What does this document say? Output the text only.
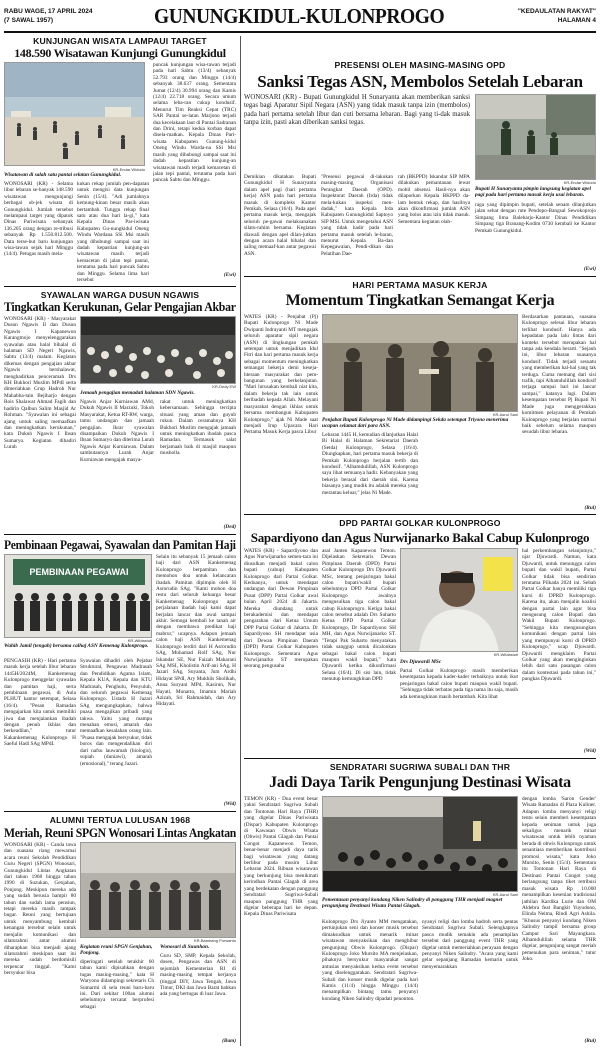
RABU WAGE, 17 APRIL 2024
(7 SAWAL 1957)	GUNUNGKIDUL-KULONPROGO	"KEDAULATAN RAKYAT"
HALAMAN 4
KUNJUNGAN WISATA LAMPAUI TARGET
148.590 Wisatawan Kunjungi Gunungkidul
KR-Endar Widodo
Wisatawan di salah satu pantai selatan Gunungkidul.
WONOSARI (KR) - Selama libur lebaran se-banyak 148.590 wisatawan mengunjungi berbagai ob-jek wisata di Gunungkidul. Jumlah tersebut melampaui target yang dipatok Dinas Pariwisata sebanyak 136.205 orang dengan re-tribusi sebanyak Rp 1.550.812.500. Data terse-but baru kunjungan wisa-tawan sejak hari Minggu (14/4). Petugas masih mela-
kukan rekap jumlah pen-dapatan untuk mengisi data kunjungan Senin (15/4). "Adi jumlahnya kemung-kinan besar masih akan bertambah. Tunggu rekap final satu atau dua hari la-gi," kata Kepala Dinas Par-iwisata Kabupaten Gu-nungkidul Oneng Windu Wardana SSi Msi masih yang dihubungi sampai saat ini dadah kepastian kunjung-an wisatawan masih terjadi kemacetan di jalan tepi pantai, terutama pada hari puncak Sabtu dan Minggu. Selama lima hari tersebut
puncak kunjungan wisa-tawan terjadi pada hari Sabtu (13/4) sebanyak 52.793 orang dan Minggu (14/4) sebanyak 38.637 orang. Sementara Jumat (12/4) 30.994 orang dan Kamis (12/4) 22.718 orang. Secara umum selama leba-ran cukup kondusif. Menurut Tim Reaksi Cepat (TRC) SAR Pantai se-latan Marjono terjadi dua kecelakaan laut di Pantai Sadranan dan Drini, tetapi kedua korban dapat disela-matkan. Kepala Dinas Pari-wisata Kabupaten Gunung-kidul Oneng Windu Warda-na SSi Msi masih yang dihubungi sampai saat ini dadah kepastian kunjung-an wisatawan masih terjadi kemacetan di jalan tepi pantai, terutama pada hari puncak Sabtu dan Minggu.
(Ewi)
PRESENSI OLEH MASING-MASING OPD
Sanksi Tegas ASN, Membolos Setelah Lebaran
WONOSARI (KR) - Bupati Gunungkidul H Sunaryanta akan memberikan sanksi tegas bagi Aparatur Sipil Negara (ASN) yang tidak masuk tanpa izin (membolos) pada hari pertama setelah libur dan cuti bersama lebaran. Bagi yang ti-dak masuk tanpa izin, pasti akan diberikan sanksi tegas.
KR-Endar Widodo
Bupati H Sunaryanta pimpin langsung kegiatan apel pagi pada hari pertama masuk kerja usai lebaran.
Demikian dikatakan Bupati Gunungkidul H Sunaryanta dalam apel pagi (hari pertama kerja) ASN pada hari pertama masuk di kompleks Kantor Pemkab, Selasa (16/4). Pada apel pertama masuk kerja, mengajak seluruh pe-gawai melaksanakan silatu-rahim bersama. Kegiatan diawali dengan apel dilan-jutkan dengan acara halal bihalal dan saling memaaf-kan antar pegawai ASN.
"Presensi pegawai di-lakukan masing-masing Organisasi Perangkat Daerah (OPD). Inspektorat Daerah (Irda) tidak mela-kukan inspeksi men-dadak," kata Kepala Irda Kabupaten Gunungkidul Saptoyo SIP MSi. Untuk mengetahui ASN yang tidak hadir pada hari pertama masuk setelah le-baran, menurut Kepala Ba-dan Kepegawaian, Pendi-dikan dan Pelatihan Dae-
rah (BKPPD) Iskandar SIP MPA dilakukan pemantauan lewat mobil absensi. Hasil-nya akan dilaporkan Kepala BKPPD da-lam bentuk rekap, dan hasilnya akan dikonfirmasi jumlah ASN yang bolos atau izin tidak masuk. Sementara kegiatan olah-
raga yang dipimpin bupati, setelah senam dilanjutkan jalan sehat dengan rute Pendopo-Bangsal Sewokoprojo Simpang lima Baleharjo-Kantor Dinas Pendidikan Simpang tiga Branang-Kodim 0730 kembali ke Kantor Pemkab Gunungkidul.
(Ewi)
SYAWALAN WARGA DUSUN NGAWIS
Tingkatkan Kerukunan, Gelar Pengajian Akbar
WONOSARI (KR) - Masyarakat Dusun Ngawis II dan Dusun Ngawis I Kapanewon Karangmojo menyelenggarakan syawalan atau halal bihalal di halaman SD Negeri Ngawis, Sabtu (13/4) malam. Kegiatan dikemas dengan pengajian akbar Ngawis bershalawat, menghadirkan penceramah Drs KH Bukhori Muslim MPdI serta dimeriahkan Grup Hadroh Nur Mahabba-tain Bejiharjo dengan Rois Shalawat Ahmad Fagih dan hadirin Qalbun Salim Masjid Ar Rohman. "Syawalan ini sebagai ajang untuk saling memaafkan dan meningkatkan kerukunan," kata Dukuh Ngawis I Ihsan Sumaryo. Kegiatan dihadiri Lurah
KR-Dedy EW
Jemaah pengajian memadati halaman SDN Ngawis.
Ngawis Anjar Kurniawan AMd, Dukuh Ngawis II Marzuki, Tokoh Masyarakat, Ketua RT-RW, warga, tamu undangan dan jamaah pengajian. Ikrar syawalan disampaikan Dukuh Ngawis I Ihsan Sumaryo dan diterima Lurah Ngawis Anjar Kurniawan. Dalam sambutannya Lurah Anjar Kurniawan mengajak masya-
rakat untuk meningkatkan kebersamaan. Sehingga tercipta situasi yang aman dan guyub rukun. Dalam ceramahnya KH Bukhori Muslim mengajak jamaah untuk meningkatkan ibadah pasca Ramadan. Termasuk salat berjamaah baik di masjid maupun musholla.
(Ded)
Pembinaan Pegawai, Syawalan dan Pamitan Haji
PEMBINAAN PEGAWAI
KR-Wiidastuti
Wahib Jamil (tengah) bersama calhaj ASN Kemenag Kulonprogo.
PENGASIH (KR) - Hari pertama masuk kerja setelah libur lebaran 1445H/2024M, Kankemenag Kulonprogo menggelar syawalan dan pamitan haji, serta pembinaan pegawai, di Aula PLHUT kantor setempat, Selasa (16/4). "Pesan Ramadan mengajarkan kita untuk memiliki jiwa dan menjalankan ibadah dengan penuh ikhlas dan berkeadilan," tutur Kakankemenag Kulonprogo H Saeful Hadi SAg MPdI.
Syawalan dihadiri oleh Pejabat Struktural, Pengawas Madrasah dan Pendidikan Agama Islam, Kepala KUA, Kepala dan KTU Madrasah, Penghulu, Penyuluh, dan seluruh pegawai Kemenag Kulonprogo. Ustadz H Jazari SAg mengungkapkan, bahwa puasa mengajikan pribadi yang takwa. Yaitu yang mampu menahan emosi, amarah dan memaafkan kesalahan orang lain. "Puasa mengajak bersyukur, tidak boros dan mengendalikan diri dari nafsu lauwamah (biologis), supiah (duniawi), amarah (emosional)," terang Jazari.
Selain itu sebanyak 15 jemaah calon haji dari ASN Kankemenag Kulonprogo berpamitan dan memohon doa untuk kelancaran ibadah. Pamitan dipimpin oleh H Asrorudin SAg. "Kami mohon doa restu dari seluruh keluarga besar Kankemenag Kulonprogo agar perjalanan ibadah haji kami dapat berjalan lancar dan awal sampai akhir. Semoga kembali ke tanah air dengan membawa predikat haji mabrur," ucapnya. Adapun jemaah calon haji ASN Kankemenag Kulonprogo terdiri dari H Asrorudin SAg, Muhamad Rolf SAg, Nur Iskandar SE, Nur Faizah Maharani SAg MSI, Kholistin Arif-ani SAg, H Jazari SAg, Suyanta, Jum Ardhi Hidayat SPdI, Ary Mukhlis Sholikah, Anna Suryani MPd, Kasirun, Nur Hayati, Munarto, Imamin Mariah Azizah, Sri Rahmaidah, dan Ary Hidayati.
(Wid)
HARI PERTAMA MASUK KERJA
Momentum Tingkatkan Semangat Kerja
WATES (KR) - Penjabat (Pj) Bupati Kulonprogo Ni Made Dwipanti Indrayanti MT mengajak seluruh aparatur sipil negara (ASN) di lingkungan pemkab setempat untuk menjadikan Idul Fitri dan hari pertama masuk kerja sebagai momentum meningkatkan semangat bekerja demi keseja-hteraan masyarakat dan pem-bangunan yang berkelanjutan. "Mari lurusakan kembali niat kita, dalam bekerja tak lain untuk beribadah kepada Allah. Melayani masyarakat dengan ikhlas untuk bersama membangun Kabupaten Kulonprogo," ajak Ni Made saat menjadi Irup Upacara Hari Pertama Masuk Kerja pasca Libur
KR-Asrul Sani
Penjabat Bupati Kulonprogo Ni Made didampingi Sekda setempat Triyono menerima ucapan selamat dari para ASN.
Lebaran 1445 H, kemudian dilanjutkan Halal Bi Halal di Halaman Sekretariat Daerah (Setda) Kulonprogo, Selasa (16/4). Diungkapkan, hari pertama masuk bekerja di Pemkab Kulonprogo berjalan tertib dan kondusif. "Alhamdulillah, ASN Kulonprogo saya lihat semuanya hadir. Kebanyakan yang bekerja berasal dari daerah sini. Karena biasanya yang mudik itu adalah mereka yang merantau keluar," jelas Ni Made.
Berdasarkan pantauan, suasana Kulonprogo selesai libur lebaran terlihat kondusif. Hanya ada kepadatan pada lalu lintas dari konteks tersebut merupakan hal tanpa ada kendala berarti. "Sejauh ini, libur lebaran suasanya kondusif. Tidak terjadi sesuatu yang memberikan hal-hal yang tak terduga. Cuma memang dari sisi trafik, tapi Alhamdulillah kondusif terjaga sampai hari ini lancar sampai," katanya lagi. Dalam kesempatan tersebut Pj Bupati Ni Made juga menggerakkan komitmen pelayanan di Pemkab Kulonprogo yang berjalan normal baik sebelum selama maupun sesudah libur lebaran.
(Rul)
DPD PARTAI GOLKAR KULONPROGO
Sapardiyono dan Agus Nurwijanarko Bakal Cabup Kulonprogo
WATES (KR) - Sapardiyono dan Agus Nurwijanarko semen-tara ini diusulkan menjadi bakal calon bupati (cabup) Kabupaten Kulonprogo dari Partai Golkar. Keduanya, untuk mendapat undangan dari Dewan Pimpinan Pusat (DPP) Partai Golkar awal bulan April 2024 di Jakarta. Mereka diundang untuk berakademisi dan mendapat pengarahan dari Ketua Umum DPP Partai Golkar di Jakarta. Dr Sapardiyono SH mendapat usia dari Dewan Pimpinan Daerah (DPD) Partai Golkar Kabupaten Kulonprogo. Sementara Agus Nurwijanarko ST merupakan seorang pengusaha
asal Janten Kapanewon Temon. Dijelaskan Sekretaris Dewan Pimpinan Daerah (DPD) Partai Golkar Kulonprogo Drs Djuwardi MSc, tentang penjaringan bakal calon bupati/wakil bupati sebelumnya DPD Partai Golkar Kulonprogo awalnya mengusulkan tiga calon bakal cabup Kulonprogro. Ketiga bakal calon tersebut adalah Drs Suharto Ketua DPD Partai Golkar Kulonprogo, Dr Sapardiyono SH MH, dan Agus Nurwijanarko ST. "Tetapi Pak Suharto menyatakan tidak sanggup untuk dicalonkan sebagai bakal calon bupati maupun wakil bupati," kata Djuwardi ketika dikonfirmasi Selasa (16/4). Di sisi lain, tidak menutup kemungkinan DPD
KR-Wiidastuti
Drs Djuwardi MSc
Partai Golkar Kulonprogo masih memberikan kesempatan kepada kader-kader terbaiknya untuk ikut penjaringan bakal calon bupati maupun wakil bupati. "Sehingga tidak terbatas pada tiga nama itu saja, masih ada kemungkinan masih bertambah. Kita lihat
hal perkembangan selanjutnya," ujar Djuwardi. Namun, kata Djuwardi, untuk menunggu calon bupati dan wakil bupati, Partai Golkar tidak bisa sendirian terutama Pilkada 2024 ini. Sebab Partai Golkar hanya memiliki tiga kursi di DPRD Kulonprogo. Karena itu, akan menjalin koalisi dengan partai lain agar bisa mengusung calon Bupati dan Wakil Bupati Kulonprogo. "Sehingga kita mengusungkan komunikasi dengan partai lain yang mempunyai kursi di DPRD Kulonprogo," ucap Djuwardi. Djuwardi mengklaim Partai Golkar yang akan menginginkan lebih dari satu pasangan calon dalam kontestasi pada tahun ini," pungkas Djuwardi.
(Wid)
ALUMNI TERTUA LULUSAN 1968
Meriah, Reuni SPGN Wonosari Lintas Angkatan
WONOSARI (KR) - Canda tawa dan suasana riang mewarnai acara reuni Sekolah Pendidikan Guru Negeri (SPGN) Wonosari, Gunungkidul Lintas Angkatan dari tahun 1968 hingga tahun 1990 di Suzukan, Genjahan, Ponjong. Meskipun mereka ada yang sudah berusia hampir 80 tahun dan sudah lama pensiun, tetapi mereka masih tampak bugar. Reuni yang bertujuan untuk menyambung kembali kenangan tersebut selain untuk menjalin komunikasi dan silaturahmi antar alumni diharapkan bisa menjadi ajang silaturahmi meskipun saat ini mereka sudah berdomisili terpencar tinggal. "Kami bersyukur bisa
KR-Bambang Purwanto
Kegiatan reuni SPGN Genjahan, Ponjong.
Wonosari di Suunhan.
diperingati setelah terakhir 60 tahun kami dipisahkan dengan tugas masing-masing," kata H Waryono didampingi sekretaris Ch Sumarmi di sela reuni baru-baru ini. Dari sekitar 100an alumni sebelumnya tercatat berprofesi sebagai
Guru SD, SMP, Kepala Sekolah, dosen, Pengawas dan ASN di sejumlah Kementerian RI di masing-masing tempat kerjanya (tinggal DIY, Jawa Tengah, Jawa Timur, DKI dan Jawa Barat bahkan ada yang bertugas di luar Jawa.
(Bam)
SENDRATARI SUGRIWA SUBALI DAN THR
Jadi Daya Tarik Pengunjung Destinasi Wisata
TEMON (KR) - Dua event besar yakni Sendratari Sugriwa Subali dan Tontonan Hari Raya (THR) yang digelar Dinas Pariwisata (Dispar) Kabupaten Kulonprogo di Kawasan Obwis Wisata (Obwis) Pantai Glagah dan Pantai Congot Kapanewon Temon, benar-benar menjadi daya tarik bagi wisatawan yang datang berlibur pada musim Libur Lebaran 2024. Ribuan wisatawan yang berkunjung bisa menikmati kerindhan Pantai Glagah di area yang berdekatan dengan panggung Sendratari Sugriwa-Subali maupun panggung THR yang digelar beberapa hari ke depan. Kepala Dinas Pariwisata
KR-Asrul Sani
Pementasan penyanyi kondang Niken Salindry di panggung THR menjadi magnet pengunjung Destinasi Wisata Pantai Glagah.
Kulonprogo Drs Jiyanto MM mengatakan, pertunjukan seni dan konser musik tersebut dimaksudkan untuk menarik minat wisatawan menyaksikan dan menghibur pengunjung Obwis Kulonprogo. (Dispar) Kulonprogo Joko Mursito MA menjelaskan, pihaknya bersyukur masyarakat sangat antusias menyaksikan kedua event tersebut yang diselenggarakan. Sendratari Sugriwa-Subali dan konser musik digelar pada hari Kamis (11/4) hingga Minggu (14/4) menampilkan bintang tamu penyanyi kondang Niken Salindry dipadati penonton.
nyanyi religi dan lomba hadroh serta pentas Sendratari Sugriwa Subali. Selengkapnya pasca mudik semakin ada penampilan tersebut dari panggung event THR yang digelar untuk memeriahkan perayaan dengan penyanyi Niken Salindry. "Acara yang kami gelar sepanjang Ramadan kemarin untuk menyemarakkan
dengan lomba 'Saron Gender' Wisata Ramadan di Plaza Kuliner. Adapun lomba menyanyi religi tentu selain memberi kesempatan kepada seniman untuk juga sekaligus menarik minat wisatawan untuk lebih nyaman berada di obwis Kulonprogo untuk senantiasa memberikan kontribusi promosi wisata," kata Joko Mursito, Senin (15/4). Sementara itu Tontonan Hari Raya di Destinasi Pantai Congot yang berlangsung tanpa tiket retribusi masuk wisata Rp 10.000 menampilkan kesenian tradisional jathilan Kardika Lurie dan OM Aldebra feat Bangkit Yuyudono, Elinda Neima, Rindi Agri Ashila. "Khusus penyanyi kondang Niken Salindry tampil bersama group Campur Sari Mayangkara. Alhamdulillah selama THR digelar, pengunjung sangat meriah pemenuhan para seniman," tutur Joko.
(Rul)
